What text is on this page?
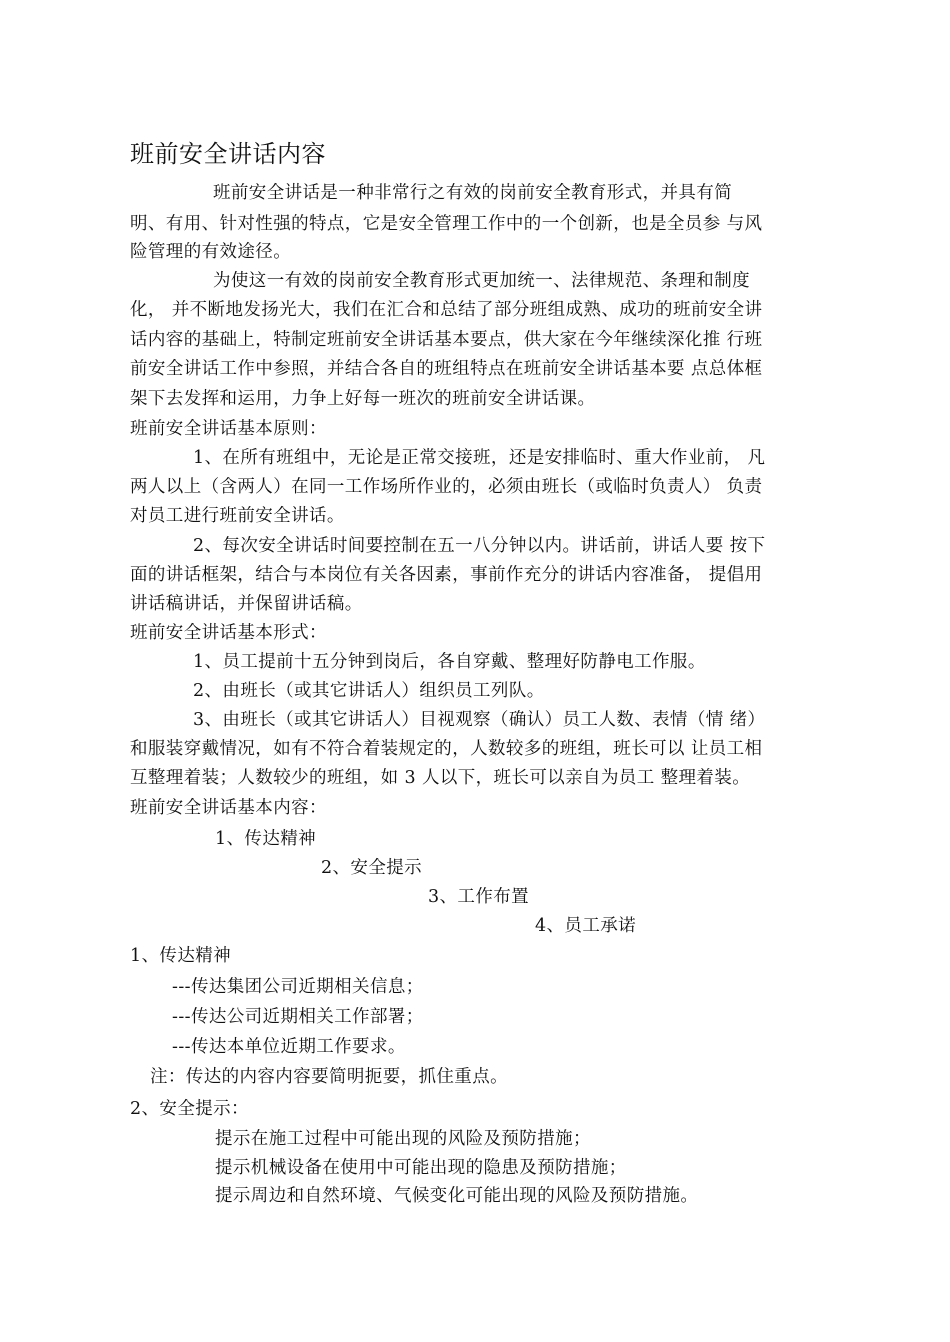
班前安全讲话内容
班前安全讲话是一种非常行之有效的岗前安全教育形式，并具有简
明、有用、针对性强的特点，它是安全管理工作中的一个创新，也是全员参 与风
险管理的有效途径。
为使这一有效的岗前安全教育形式更加统一、法律规范、条理和制度
化， 并不断地发扬光大，我们在汇合和总结了部分班组成熟、成功的班前安全讲
话内容的基础上，特制定班前安全讲话基本要点，供大家在今年继续深化推 行班
前安全讲话工作中参照，并结合各自的班组特点在班前安全讲话基本要 点总体框
架下去发挥和运用，力争上好每一班次的班前安全讲话课。
班前安全讲话基本原则：
1、在所有班组中，无论是正常交接班，还是安排临时、重大作业前， 凡
两人以上（含两人）在同一工作场所作业的，必须由班长（或临时负责人） 负责
对员工进行班前安全讲话。
2、每次安全讲话时间要控制在五一八分钟以内。讲话前，讲话人要 按下
面的讲话框架，结合与本岗位有关各因素，事前作充分的讲话内容准备， 提倡用
讲话稿讲话，并保留讲话稿。
班前安全讲话基本形式：
1、员工提前十五分钟到岗后，各自穿戴、整理好防静电工作服。
2、由班长（或其它讲话人）组织员工列队。
3、由班长（或其它讲话人）目视观察（确认）员工人数、表情（情 绪）
和服装穿戴情况，如有不符合着装规定的，人数较多的班组，班长可以 让员工相
互整理着装；人数较少的班组，如 3 人以下，班长可以亲自为员工 整理着装。
班前安全讲话基本内容：
1、传达精神
2、安全提示
3、工作布置
4、员工承诺
1、传达精神
---传达集团公司近期相关信息；
---传达公司近期相关工作部署；
---传达本单位近期工作要求。
注：传达的内容内容要简明扼要，抓住重点。
2、安全提示：
提示在施工过程中可能出现的风险及预防措施；
提示机械设备在使用中可能出现的隐患及预防措施；
提示周边和自然环境、气候变化可能出现的风险及预防措施。
